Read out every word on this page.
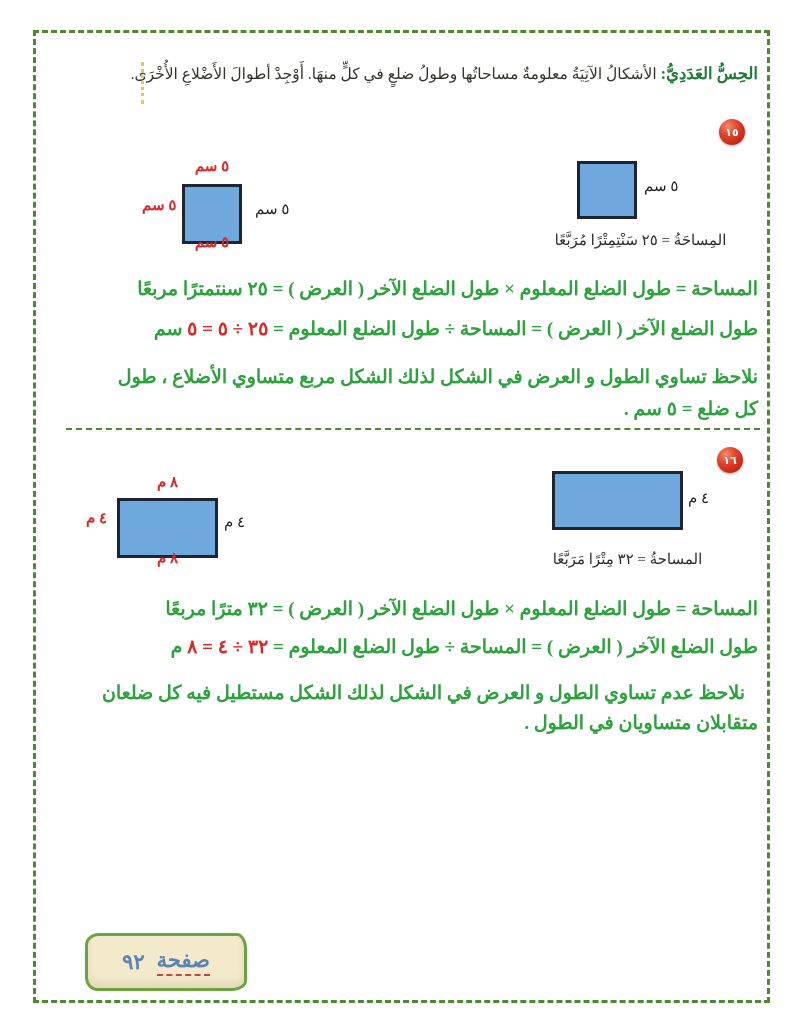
الحِسُّ العَدَدِيُّ: الأشكالُ الآتِيَةُ معلومةٌ مساحاتُها وطولُ ضلعٍ في كلٍّ منهَا. أَوْجِدْ أطوالَ الأَضْلاعِ الأُخْرَى.
١٥
٥ سم
المِساحَةُ = ٢٥ سَنْتِمِتْرًا مُرَبَّعًا
٥ سم
٥ سم
٥ سم
٥ سم
المساحة = طول الضلع المعلوم × طول الضلع الآخر ( العرض ) = ٢٥ سنتمترًا مربعًا
طول الضلع الآخر ( العرض ) = المساحة ÷ طول الضلع المعلوم = ٢٥ ÷ ٥ = ٥ سم
نلاحظ تساوي الطول و العرض في الشكل لذلك الشكل مربع متساوي الأضلاع ، طول
كل ضلع = ٥ سم .
١٦
٤ م
المساحةُ = ٣٢ مِتْرًا مَرَبَّعًا
٨ م
٤ م
٨ م
٤ م
المساحة = طول الضلع المعلوم × طول الضلع الآخر ( العرض ) = ٣٢ مترًا مربعًا
طول الضلع الآخر ( العرض ) = المساحة ÷ طول الضلع المعلوم = ٣٢ ÷ ٤ = ٨ م
نلاحظ عدم تساوي الطول و العرض في الشكل لذلك الشكل مستطيل فيه كل ضلعان
متقابلان متساويان في الطول .
صفحة
٩٢
